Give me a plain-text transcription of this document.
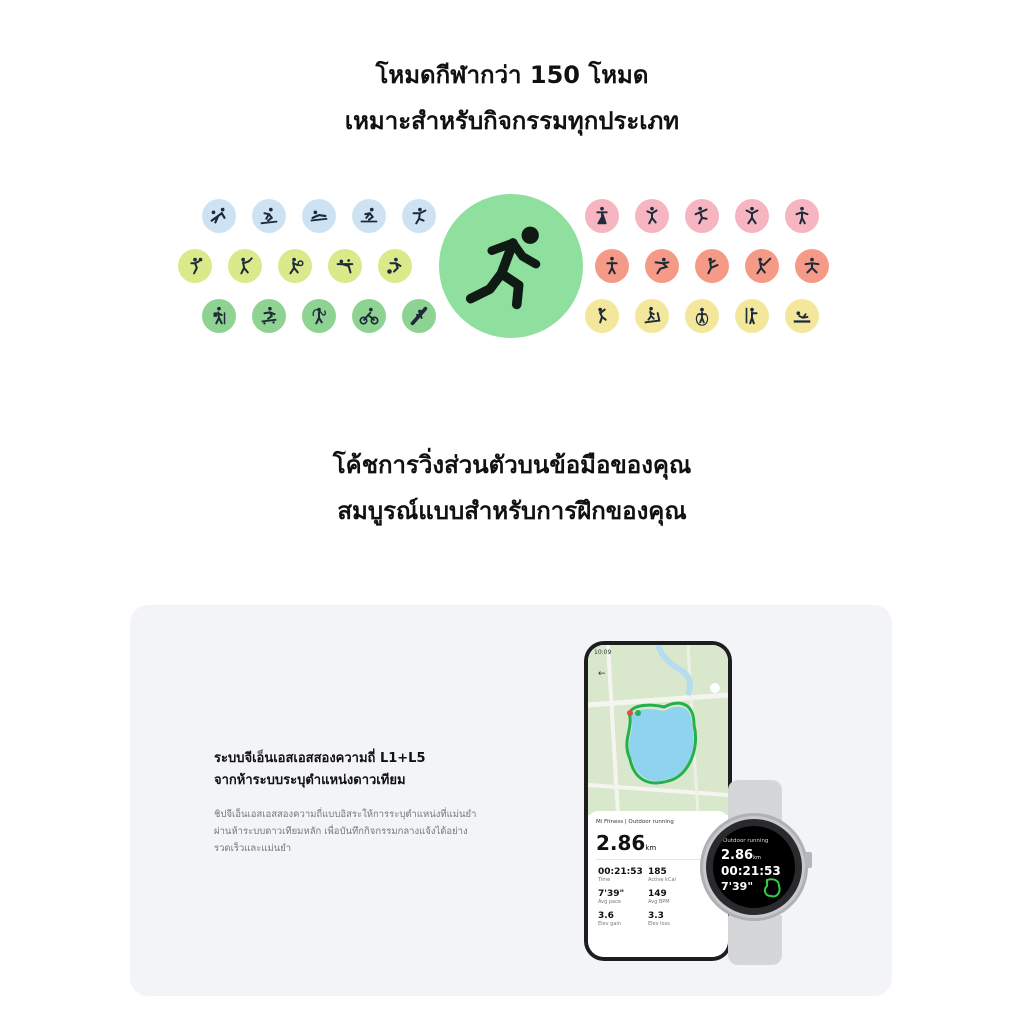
โหมดกีฬากว่า 150 โหมด
เหมาะสำหรับกิจกรรมทุกประเภท
โค้ชการวิ่งส่วนตัวบนข้อมือของคุณ
สมบูรณ์แบบสำหรับการฝึกของคุณ
ระบบจีเอ็นเอสเอสสองความถี่ L1+L5
จากห้าระบบระบุตำแหน่งดาวเทียม
ชิปจีเอ็นเอสเอสสองความถี่แบบอิสระให้การระบุตำแหน่งที่แม่นยำ
ผ่านห้าระบบดาวเทียมหลัก เพื่อบันทึกกิจกรรมกลางแจ้งได้อย่าง
รวดเร็วและแม่นยำ
10:09
←
Mi Fitness | Outdoor running
2.86km
00:21:53
Time
185
Active kCal
7'39"
Avg pace
149
Avg BPM
3.6
Elev gain
3.3
Elev loss
Outdoor running
2.86km
00:21:53
7'39"
